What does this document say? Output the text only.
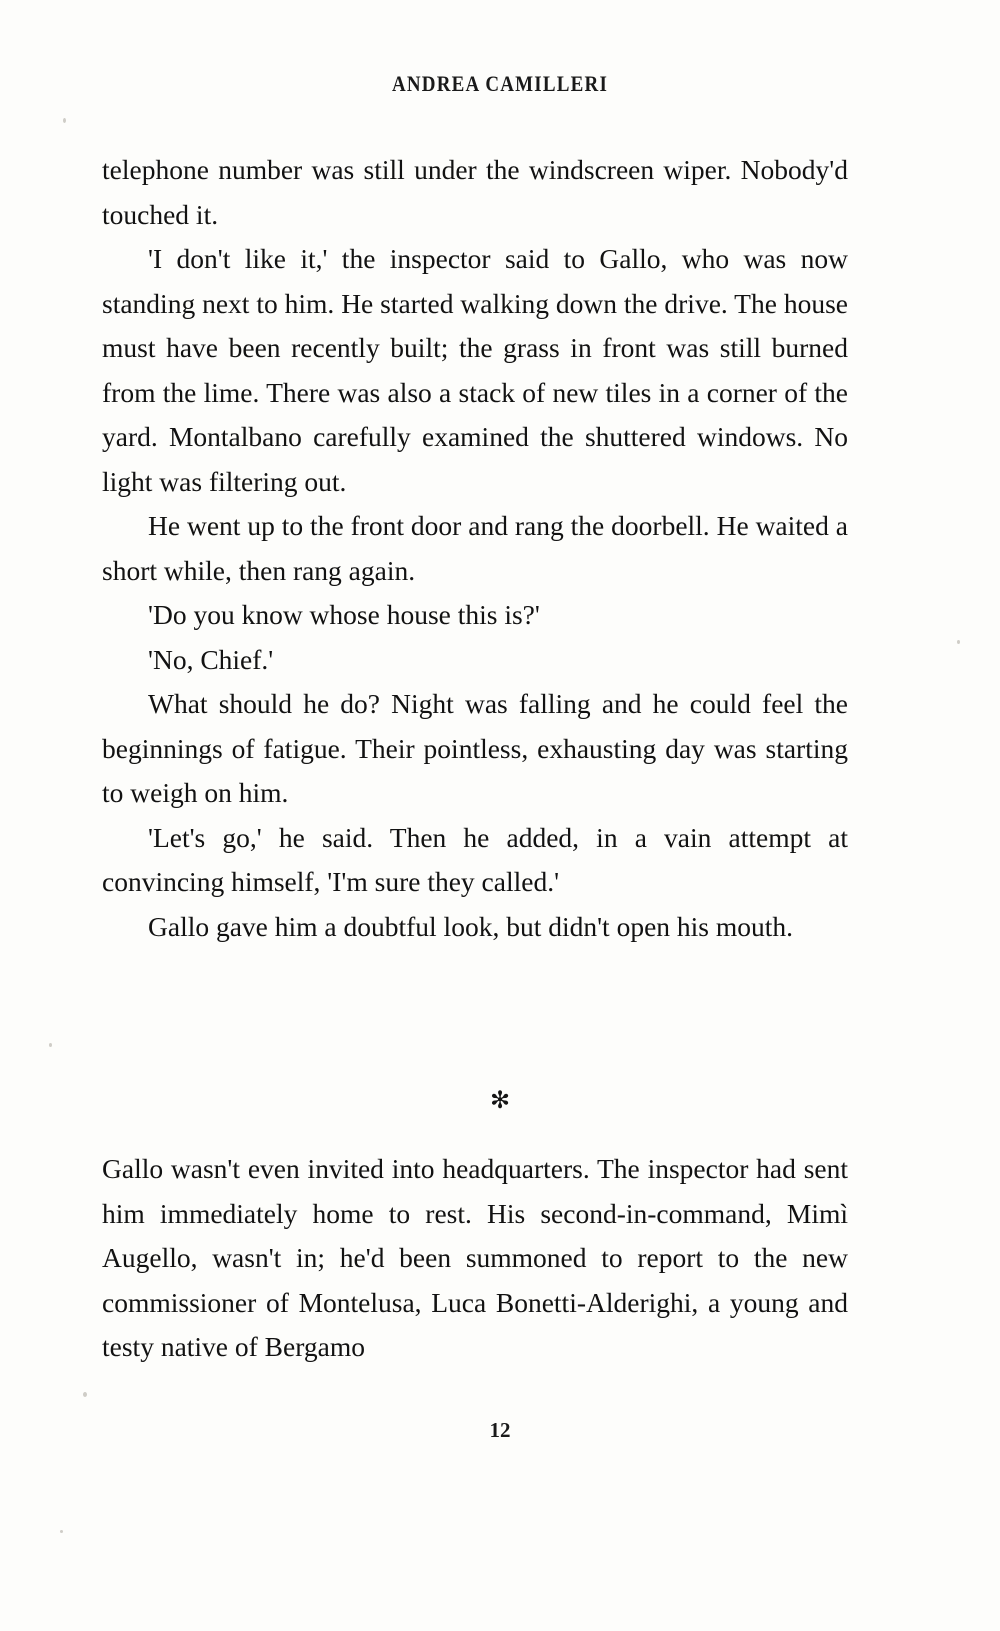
ANDREA CAMILLERI

telephone number was still under the windscreen wiper. Nobody'd touched it.

'I don't like it,' the inspector said to Gallo, who was now standing next to him. He started walking down the drive. The house must have been recently built; the grass in front was still burned from the lime. There was also a stack of new tiles in a corner of the yard. Montalbano carefully examined the shuttered windows. No light was filtering out.

He went up to the front door and rang the doorbell. He waited a short while, then rang again.

'Do you know whose house this is?'

'No, Chief.'

What should he do? Night was falling and he could feel the beginnings of fatigue. Their pointless, exhausting day was starting to weigh on him.

'Let's go,' he said. Then he added, in a vain attempt at convincing himself, 'I'm sure they called.'

Gallo gave him a doubtful look, but didn't open his mouth.

✻

Gallo wasn't even invited into headquarters. The inspector had sent him immediately home to rest. His second-in-command, Mimì Augello, wasn't in; he'd been summoned to report to the new commissioner of Montelusa, Luca Bonetti-Alderighi, a young and testy native of Bergamo

12
